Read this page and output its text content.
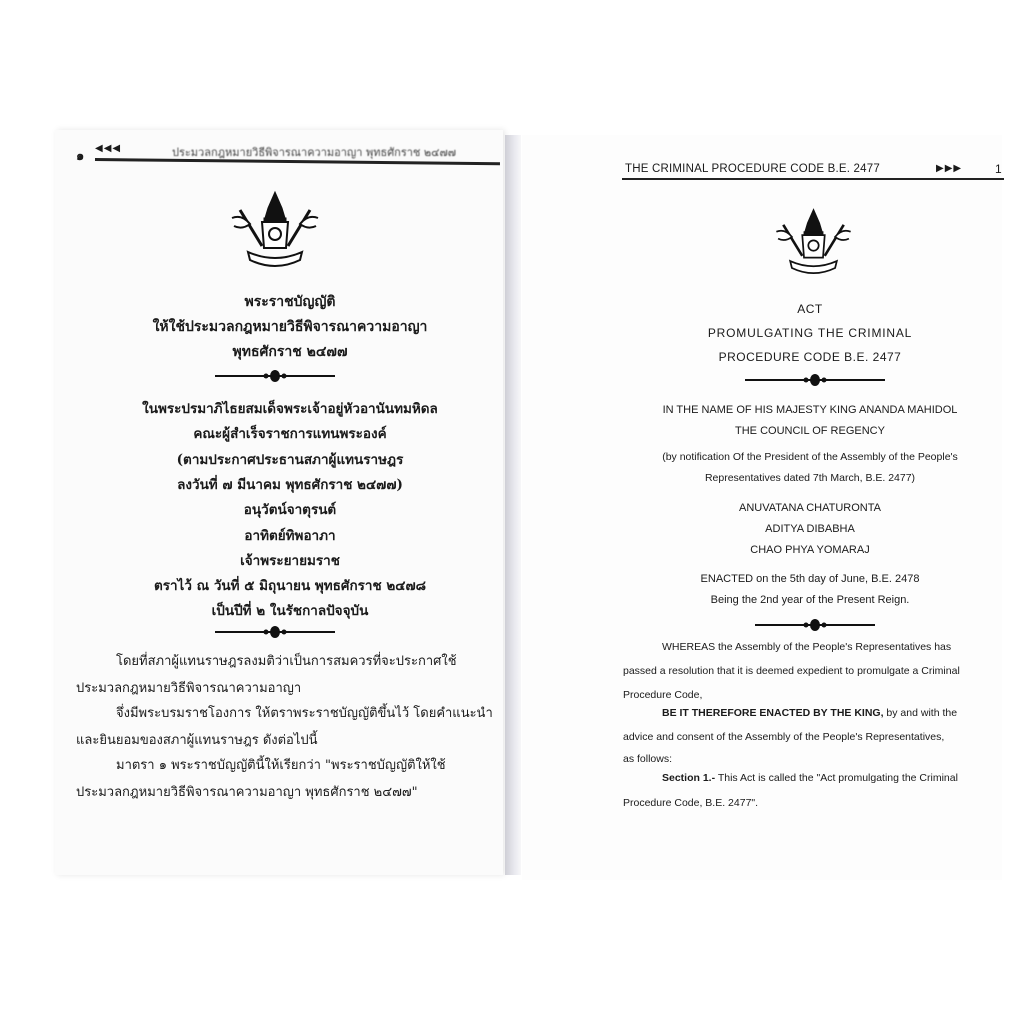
๑
◀◀◀	ประมวลกฎหมายวิธีพิจารณาความอาญา พุทธศักราช ๒๔๗๗
THE CRIMINAL PROCEDURE CODE B.E. 2477	▶▶▶	1
พระราชบัญญัติ
ให้ใช้ประมวลกฎหมายวิธีพิจารณาความอาญา
พุทธศักราช ๒๔๗๗
ในพระปรมาภิไธยสมเด็จพระเจ้าอยู่หัวอานันทมหิดล
คณะผู้สำเร็จราชการแทนพระองค์
(ตามประกาศประธานสภาผู้แทนราษฎร
ลงวันที่ ๗ มีนาคม พุทธศักราช ๒๔๗๗)
อนุวัตน์จาตุรนต์
อาทิตย์ทิพอาภา
เจ้าพระยายมราช
ตราไว้ ณ วันที่ ๕ มิถุนายน พุทธศักราช ๒๔๗๘
เป็นปีที่ ๒ ในรัชกาลปัจจุบัน
โดยที่สภาผู้แทนราษฎรลงมติว่าเป็นการสมควรที่จะประกาศใช้
ประมวลกฎหมายวิธีพิจารณาความอาญา
จึ่งมีพระบรมราชโองการ ให้ตราพระราชบัญญัติขึ้นไว้ โดยคำแนะนำ
และยินยอมของสภาผู้แทนราษฎร ดังต่อไปนี้
มาตรา ๑ พระราชบัญญัตินี้ให้เรียกว่า "พระราชบัญญัติให้ใช้
ประมวลกฎหมายวิธีพิจารณาความอาญา พุทธศักราช ๒๔๗๗"
ACT
PROMULGATING THE CRIMINAL
PROCEDURE CODE B.E. 2477
IN THE NAME OF HIS MAJESTY KING ANANDA MAHIDOL
THE COUNCIL OF REGENCY
(by notification Of the President of the Assembly of the People's
Representatives dated 7th March, B.E. 2477)
ANUVATANA CHATURONTA
ADITYA DIBABHA
CHAO PHYA YOMARAJ
ENACTED on the 5th day of June, B.E. 2478
Being the 2nd year of the Present Reign.
WHEREAS the Assembly of the People's Representatives has
passed a resolution that it is deemed expedient to promulgate a Criminal
Procedure Code,
BE IT THEREFORE ENACTED BY THE KING, by and with the
advice and consent of the Assembly of the People's Representatives,
as follows:
Section 1.- This Act is called the "Act promulgating the Criminal
Procedure Code, B.E. 2477".
